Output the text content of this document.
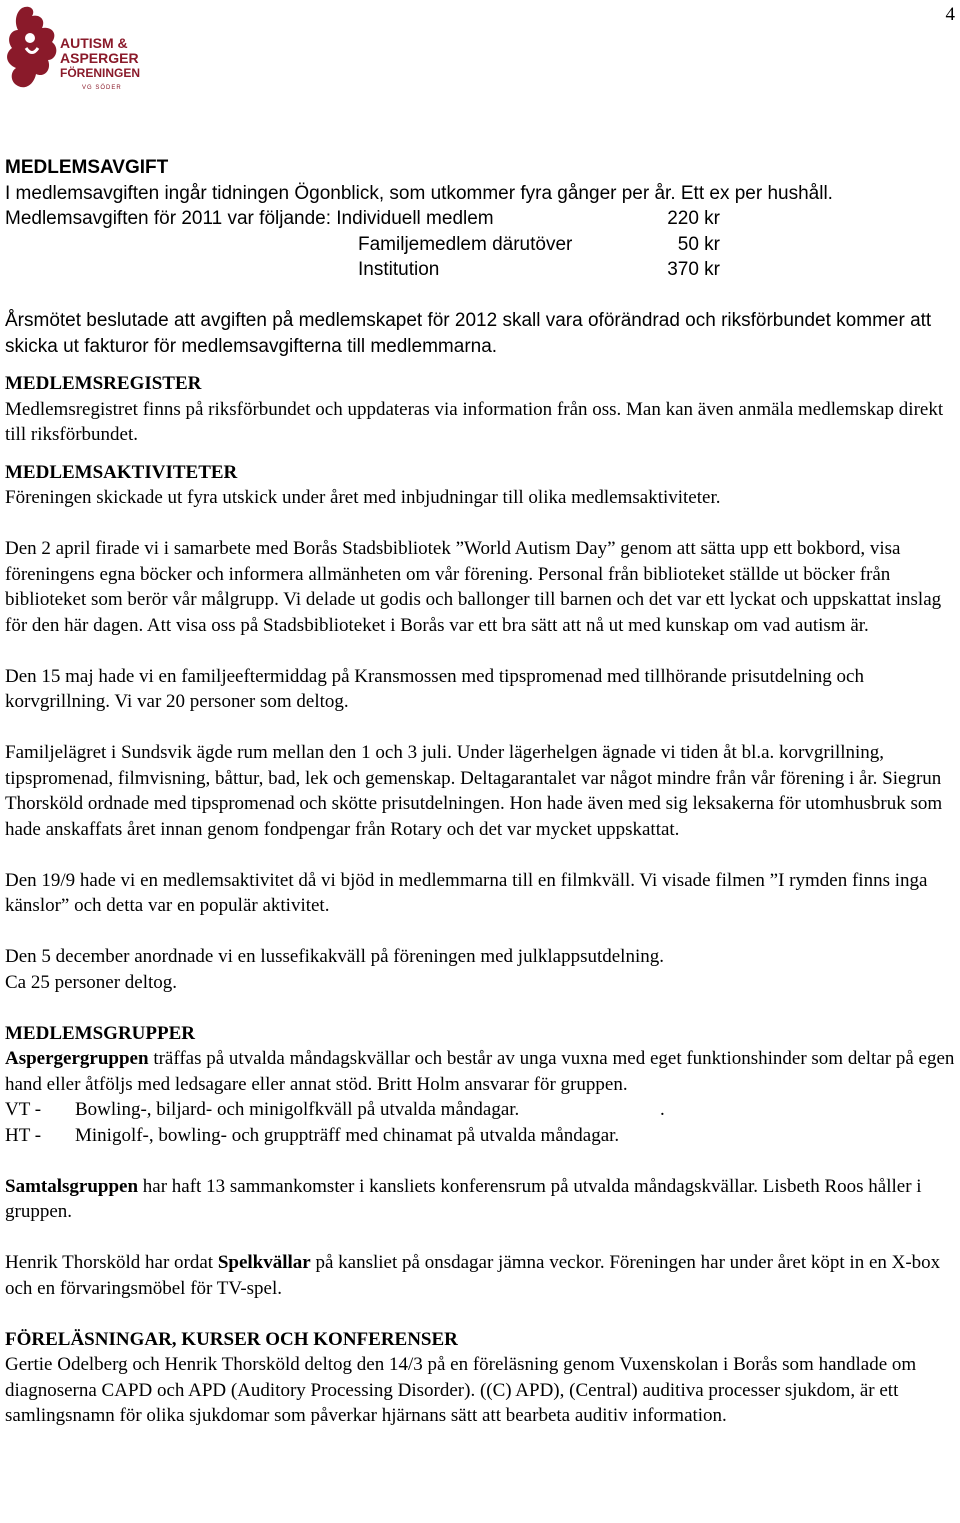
4
AUTISM &
ASPERGER
FÖRENINGEN
VG SÖDER
MEDLEMSAVGIFT
I medlemsavgiften ingår tidningen Ögonblick, som utkommer fyra gånger per år. Ett ex per hushåll.
Medlemsavgiften för 2011 var följande: Individuell medlem	220 kr
Familjemedlem därutöver	50 kr
Institution	370 kr

Årsmötet beslutade att avgiften på medlemskapet för 2012 skall vara oförändrad och riksförbundet kommer att skicka ut fakturor för medlemsavgifterna till medlemmarna.

MEDLEMSREGISTER

Medlemsregistret finns på riksförbundet och uppdateras via information från oss. Man kan även anmäla medlemskap direkt till riksförbundet.

MEDLEMSAKTIVITETER

Föreningen skickade ut fyra utskick under året med inbjudningar till olika medlemsaktiviteter.

Den 2 april firade vi i samarbete med Borås Stadsbibliotek ”World Autism Day” genom att sätta upp ett bokbord, visa föreningens egna böcker och informera allmänheten om vår förening. Personal från biblioteket ställde ut böcker från biblioteket som berör vår målgrupp. Vi delade ut godis och ballonger till barnen och det var ett lyckat och uppskattat inslag för den här dagen. Att visa oss på Stadsbiblioteket i Borås var ett bra sätt att nå ut med kunskap om vad autism är.

Den 15 maj hade vi en familjeeftermiddag på Kransmossen med tipspromenad med tillhörande prisutdelning och korvgrillning. Vi var 20 personer som deltog.

Familjelägret i Sundsvik ägde rum mellan den 1 och 3 juli. Under lägerhelgen ägnade vi tiden åt bl.a. korvgrillning, tipspromenad, filmvisning, båttur, bad, lek och gemenskap. Deltagarantalet var något mindre från vår förening i år. Siegrun Thorsköld ordnade med tipspromenad och skötte prisutdelningen. Hon hade även med sig leksakerna för utomhusbruk som hade anskaffats året innan genom fondpengar från Rotary och det var mycket uppskattat.

Den 19/9 hade vi en medlemsaktivitet då vi bjöd in medlemmarna till en filmkväll. Vi visade filmen ”I rymden finns inga känslor” och detta var en populär aktivitet.

Den 5 december anordnade vi en lussefikakväll på föreningen med julklappsutdelning.
Ca 25 personer deltog.
MEDLEMSGRUPPER

Aspergergruppen träffas på utvalda måndagskvällar och består av unga vuxna med eget funktionshinder som deltar på egen hand eller åtföljs med ledsagare eller annat stöd. Britt Holm ansvarar för gruppen.

VT - Bowling-, biljard- och minigolfkväll på utvalda måndagar.	.
HT - Minigolf-, bowling- och gruppträff med chinamat på utvalda måndagar.

Samtalsgruppen har haft 13 sammankomster i kansliets konferensrum på utvalda måndagskvällar. Lisbeth Roos håller i gruppen.

Henrik Thorsköld har ordat Spelkvällar på kansliet på onsdagar jämna veckor. Föreningen har under året köpt in en X-box och en förvaringsmöbel för TV-spel.

FÖRELÄSNINGAR, KURSER OCH KONFERENSER

Gertie Odelberg och Henrik Thorsköld deltog den 14/3 på en föreläsning genom Vuxenskolan i Borås som handlade om diagnoserna CAPD och APD (Auditory Processing Disorder). ((C) APD), (Central) auditiva processer sjukdom, är ett samlingsnamn för olika sjukdomar som påverkar hjärnans sätt att bearbeta auditiv information.
